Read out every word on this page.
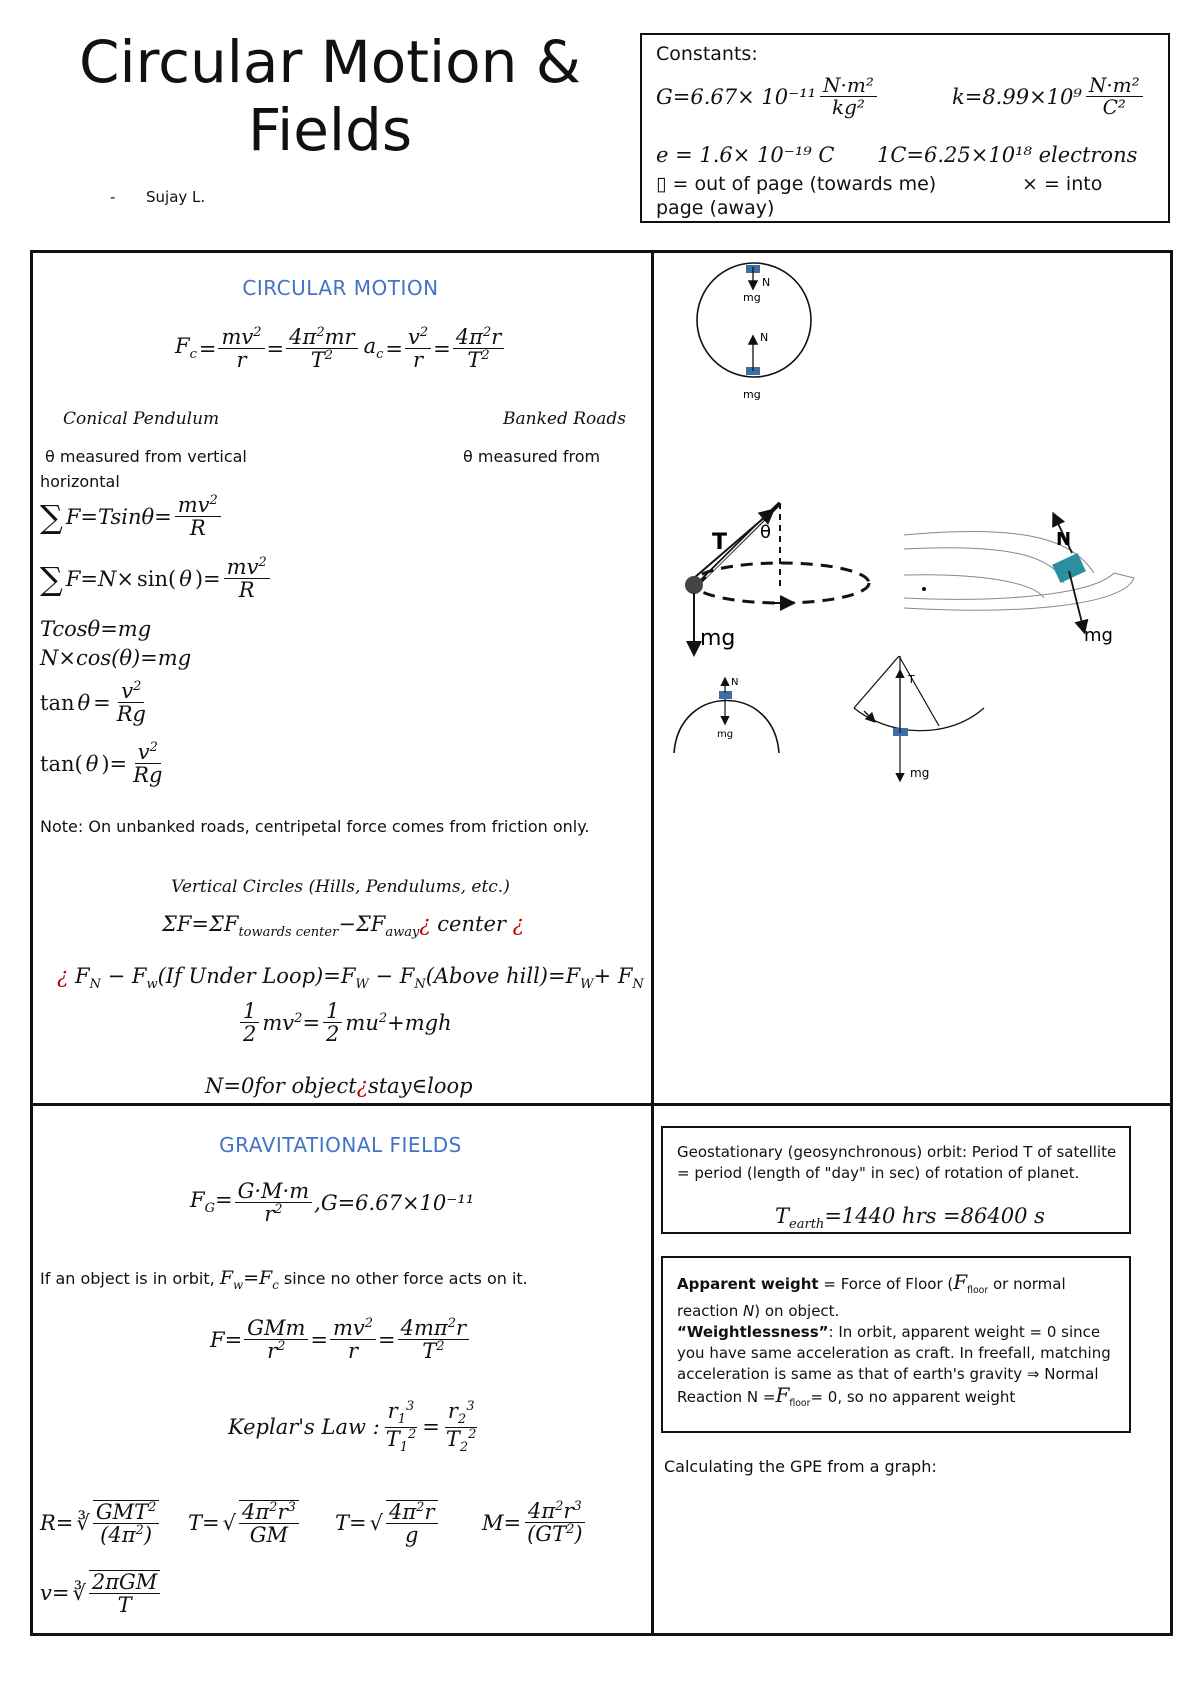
Circular Motion &
Fields
- Sujay L.
Constants:
$G=6.67\times 10^{-11} \frac{\text{N·m²}}{\text{kg²}}$	$k=8.99\times 10^9 \frac{\text{N·m²}}{\text{C²}}$
e = 1.6× 10⁻¹⁹ C 1C=6.25×10¹⁸ electrons
▯ = out of page (towards me)	× = into
page (away)
CIRCULAR MOTION
$F_c = \frac{mv^2}{r} = \frac{4\pi^2mr}{T^2} a_c = \frac{v^2}{r} = \frac{4\pi^2r}{T^2}$
Conical Pendulum	Banked Roads
θ measured from vertical	θ measured from
horizontal
∑ $F=Tsin\theta= \frac{mv^2}{R}$
∑ F=N× sin( θ )= $\frac{mv^2}{R}$
Tcosθ=mg
N×cos(θ)=mg
$\tan \theta = \frac{v^2}{Rg}$
tan( θ )= $\frac{v^2}{Rg}$
Note: On unbanked roads, centripetal force comes from friction only.
Vertical Circles (Hills, Pendulums, etc.)
$\Sigma F=\Sigma F_{towards center}-\Sigma F_{away}¿$ center ¿
¿ $F_N - F_w(If$ Under $Loop)=F_W$ − $F_N(Above$ $hill)=F_W+ F_N$
$\frac{1}{2} mv^2= \frac{1}{2} mu^2+mgh$
N=0for object¿stay∈loop
N
mg
N
mg
T θ
mg
N
mg
N
mg
T
mg
GRAVITATIONAL FIELDS
$F_G= \frac{G\cdot M\cdot m}{r^2} ,G=6.67\times 10^{-11}$
If an object is in orbit, $F_w=F_c$ since no other force acts on it.
$F= \frac{\text{GMm}}{r^2} = \frac{mv^2}{r} = \frac{4m\pi^2r}{T^2}$
Keplar's Law : $\frac{r_1^3}{T_1^2} = \frac{r_2^3}{T_2^2}$
R= ∛ $\frac{GMT^2}{(4\pi^2)} T=$ √ $\frac{4\pi^2r^3}{GM} T=$ √ $\frac{4\pi^2r}{g} M= \frac{4\pi^2r^3}{(GT^2)}$
v= ∛ $\frac{\text{2πGM}}{T}$
Geostationary (geosynchronous) orbit: Period T of satellite = period (length of "day" in sec) of rotation of planet.
$T_{earth}=1440$ hrs =86400 s
Apparent weight = Force of Floor ($F_{floor}$ or normal reaction N) on object.
“Weightlessness”: In orbit, apparent weight = 0 since you have same acceleration as craft. In freefall, matching acceleration is same as that of earth's gravity ⇒ Normal Reaction $N =F_{floor}= 0$, so no apparent weight
Calculating the GPE from a graph:
